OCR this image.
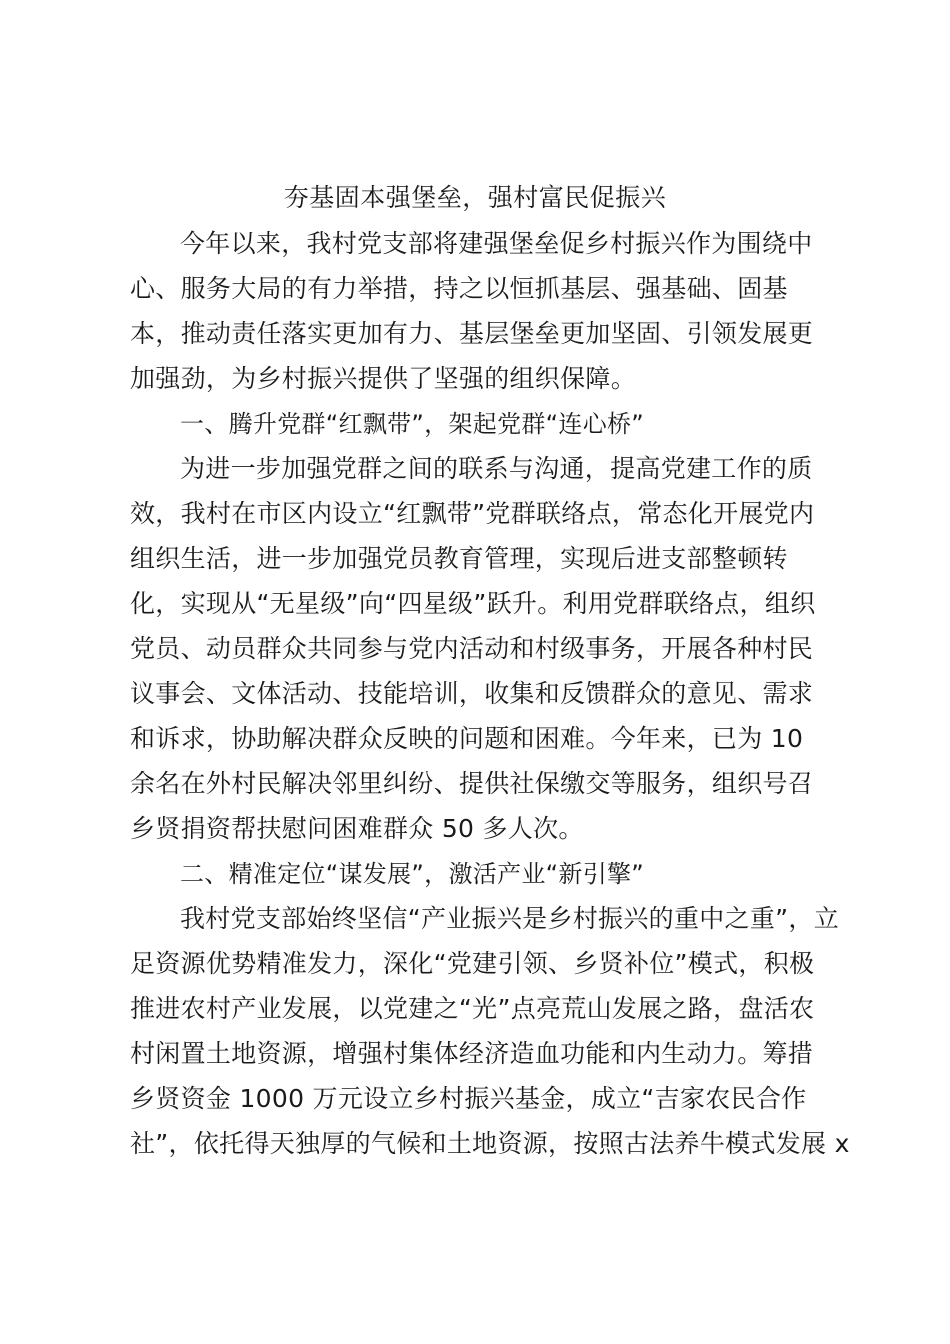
夯基固本强堡垒，强村富民促振兴
今年以来，我村党支部将建强堡垒促乡村振兴作为围绕中
心、服务大局的有力举措，持之以恒抓基层、强基础、固基
本，推动责任落实更加有力、基层堡垒更加坚固、引领发展更
加强劲，为乡村振兴提供了坚强的组织保障。
一、腾升党群“红飘带”，架起党群“连心桥”
为进一步加强党群之间的联系与沟通，提高党建工作的质
效，我村在市区内设立“红飘带”党群联络点，常态化开展党内
组织生活，进一步加强党员教育管理，实现后进支部整顿转
化，实现从“无星级”向“四星级”跃升。利用党群联络点，组织
党员、动员群众共同参与党内活动和村级事务，开展各种村民
议事会、文体活动、技能培训，收集和反馈群众的意见、需求
和诉求，协助解决群众反映的问题和困难。今年来，已为 10
余名在外村民解决邻里纠纷、提供社保缴交等服务，组织号召
乡贤捐资帮扶慰问困难群众 50 多人次。
二、精准定位“谋发展”，激活产业“新引擎”
我村党支部始终坚信“产业振兴是乡村振兴的重中之重”，立
足资源优势精准发力，深化“党建引领、乡贤补位”模式，积极
推进农村产业发展，以党建之“光”点亮荒山发展之路，盘活农
村闲置土地资源，增强村集体经济造血功能和内生动力。筹措
乡贤资金 1000 万元设立乡村振兴基金，成立“吉家农民合作
社”，依托得天独厚的气候和土地资源，按照古法养牛模式发展 x
